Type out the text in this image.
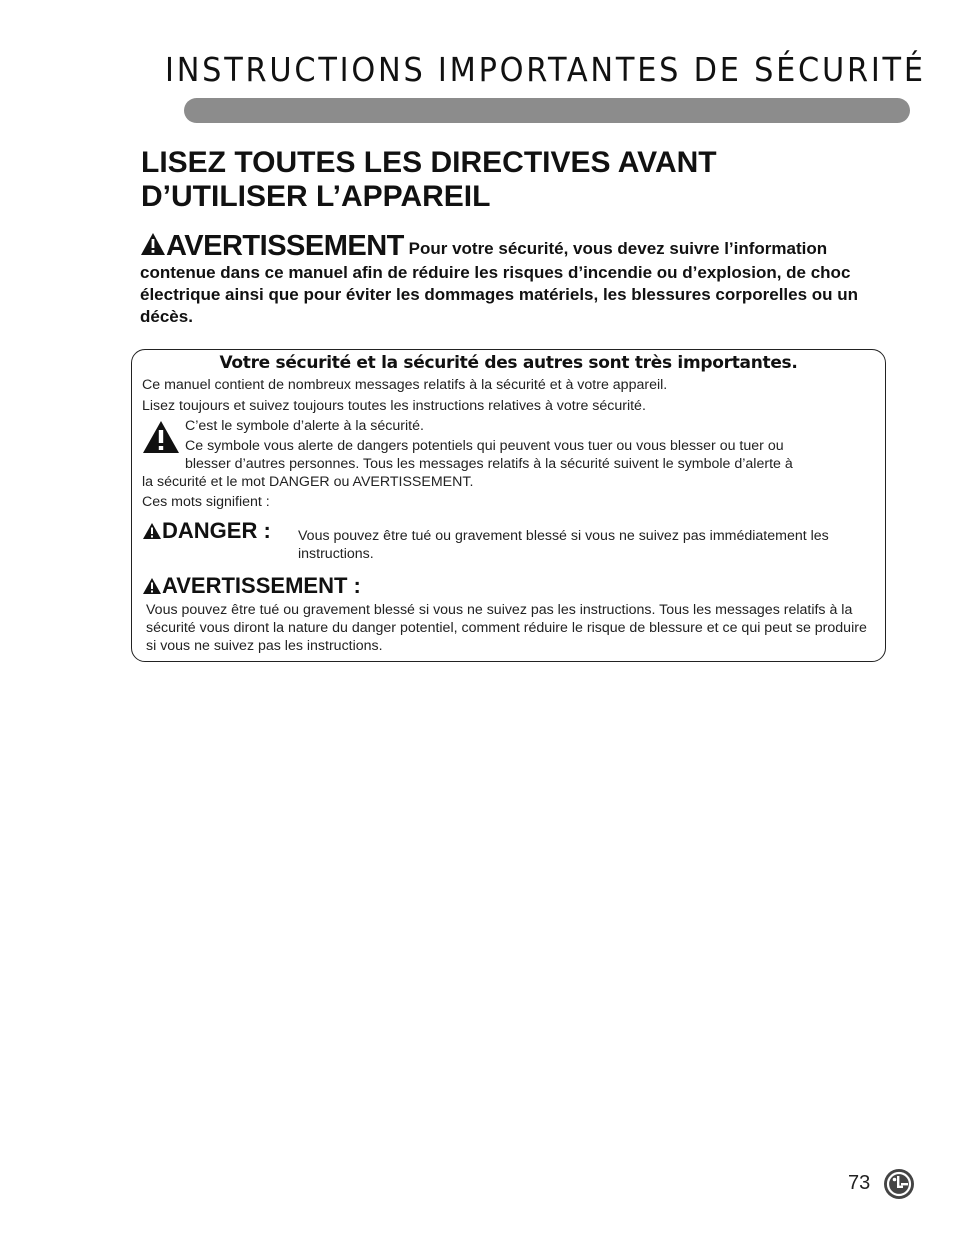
INSTRUCTIONS IMPORTANTES DE SÉCURITÉ
LISEZ TOUTES LES DIRECTIVES AVANT
D’UTILISER L’APPAREIL
AVERTISSEMENT Pour votre sécurité, vous devez suivre l’information contenue dans ce manuel afin de réduire les risques d’incendie ou d’explosion, de choc électrique ainsi que pour éviter les dommages matériels, les blessures corporelles ou un décès.
Votre sécurité et la sécurité des autres sont très importantes.
Ce manuel contient de nombreux messages relatifs à la sécurité et à votre appareil.
Lisez toujours et suivez toujours toutes les instructions relatives à votre sécurité.
C’est le symbole d’alerte à la sécurité.
Ce symbole vous alerte de dangers potentiels qui peuvent vous tuer ou vous blesser ou tuer ou
blesser d’autres personnes. Tous les messages relatifs à la sécurité suivent le symbole d’alerte à
la sécurité et le mot DANGER ou AVERTISSEMENT.
Ces mots signifient :
DANGER : Vous pouvez être tué ou gravement blessé si vous ne suivez pas immédiatement les instructions.
AVERTISSEMENT :
Vous pouvez être tué ou gravement blessé si vous ne suivez pas les instructions. Tous les messages relatifs à la sécurité vous diront la nature du danger potentiel, comment réduire le risque de blessure et ce qui peut se produire si vous ne suivez pas les instructions.
73
